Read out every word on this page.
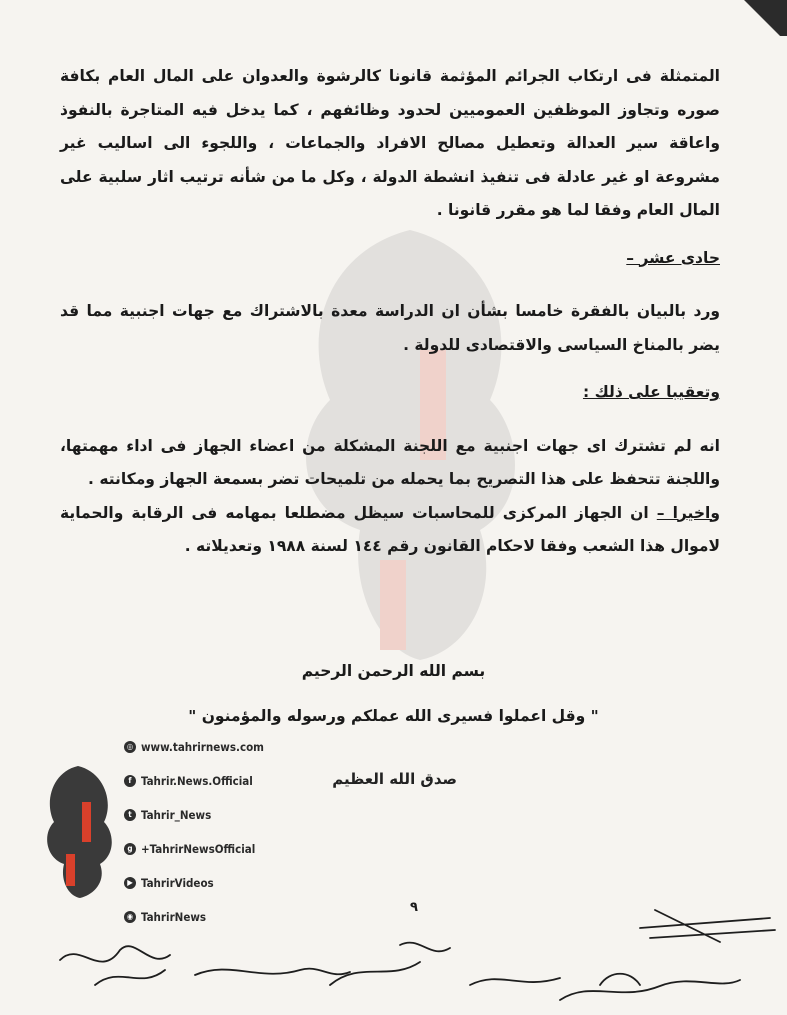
المتمثلة فى ارتكاب الجرائم المؤثمة قانونا كالرشوة والعدوان على المال العام بكافة صوره وتجاوز الموظفين العموميين لحدود وظائفهم ، كما يدخل فيه المتاجرة بالنفوذ واعاقة سير العدالة وتعطيل مصالح الافراد والجماعات ، واللجوء الى اساليب غير مشروعة او غير عادلة فى تنفيذ انشطة الدولة ، وكل ما من شأنه ترتيب اثار سلبية على المال العام وفقا لما هو مقرر قانونا .

حادى عشر –

ورد بالبيان بالفقرة خامسا بشأن ان الدراسة معدة بالاشتراك مع جهات اجنبية مما قد يضر بالمناخ السياسى والاقتصادى للدولة .

وتعقيبا على ذلك :

انه لم تشترك اى جهات اجنبية مع اللجنة المشكلة من اعضاء الجهاز فى اداء مهمتها، واللجنة تتحفظ على هذا التصريح بما يحمله من تلميحات تضر بسمعة الجهاز ومكانته .

واخيرا – ان الجهاز المركزى للمحاسبات سيظل مضطلعا بمهامه فى الرقابة والحماية لاموال هذا الشعب وفقا لاحكام القانون رقم ١٤٤ لسنة ١٩٨٨ وتعديلاته .

بسم الله الرحمن الرحيم
" وقل اعملوا فسيرى الله عملكم ورسوله والمؤمنون "
صدق الله العظيم
◎ www.tahrirnews.com
f Tahrir.News.Official
t Tahrir_News
g +TahrirNewsOfficial
▶ TahrirVideos
◉ TahrirNews
٩
